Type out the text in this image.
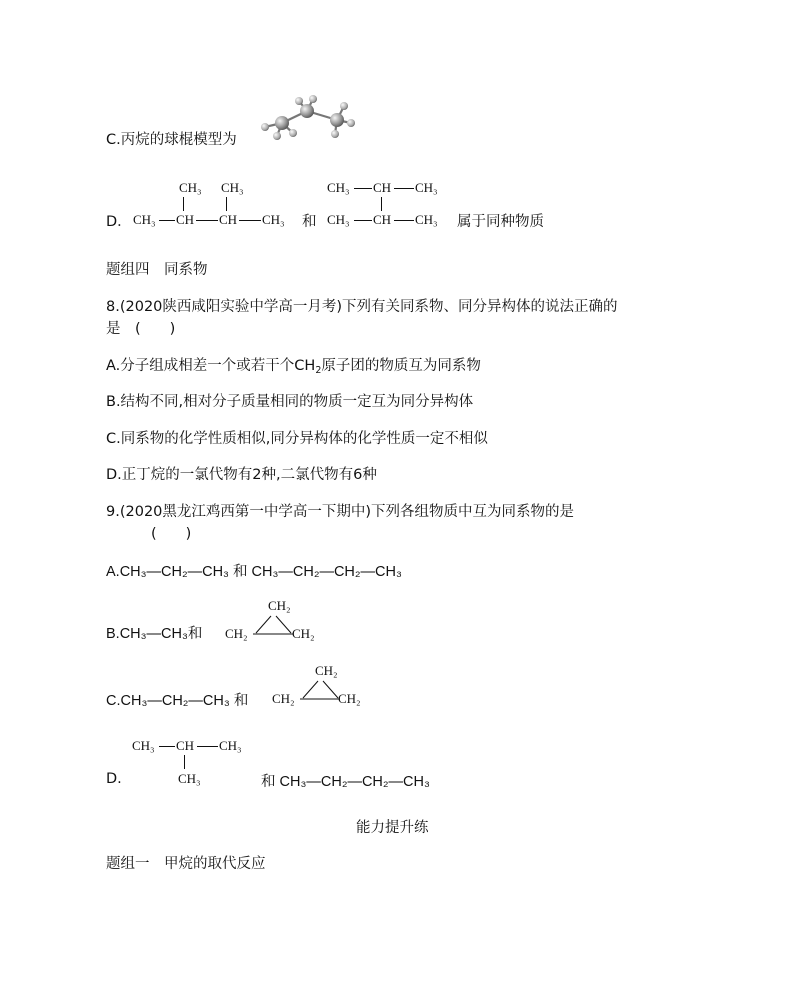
C.丙烷的球棍模型为
D．
CH₃ CH₃
CH₃ CH CH CH₃ 和
CH₃ CH CH₃
CH₃ CH CH₃ 属于同种物质
题组四　同系物
8.(2020陕西咸阳实验中学高一月考)下列有关同系物、同分异构体的说法正确的
是　(　　)
A.分子组成相差一个或若干个$CH_2$原子团的物质互为同系物
B.结构不同,相对分子质量相同的物质一定互为同分异构体
C.同系物的化学性质相似,同分异构体的化学性质一定不相似
D.正丁烷的一氯代物有2种,二氯代物有6种
9.(2020黑龙江鸡西第一中学高一下期中)下列各组物质中互为同系物的是
(　　)
A.CH₃—CH₂—CH₃ 和 CH₃—CH₂—CH₂—CH₃
B.CH₃—CH₃和
CH₂
CH₂	CH₂
C.CH₃—CH₂—CH₃ 和
CH₂
CH₂	CH₂
D.
CH₃ CH CH₃
CH₃	和 CH₃—CH₂—CH₂—CH₃
能力提升练
题组一　甲烷的取代反应
